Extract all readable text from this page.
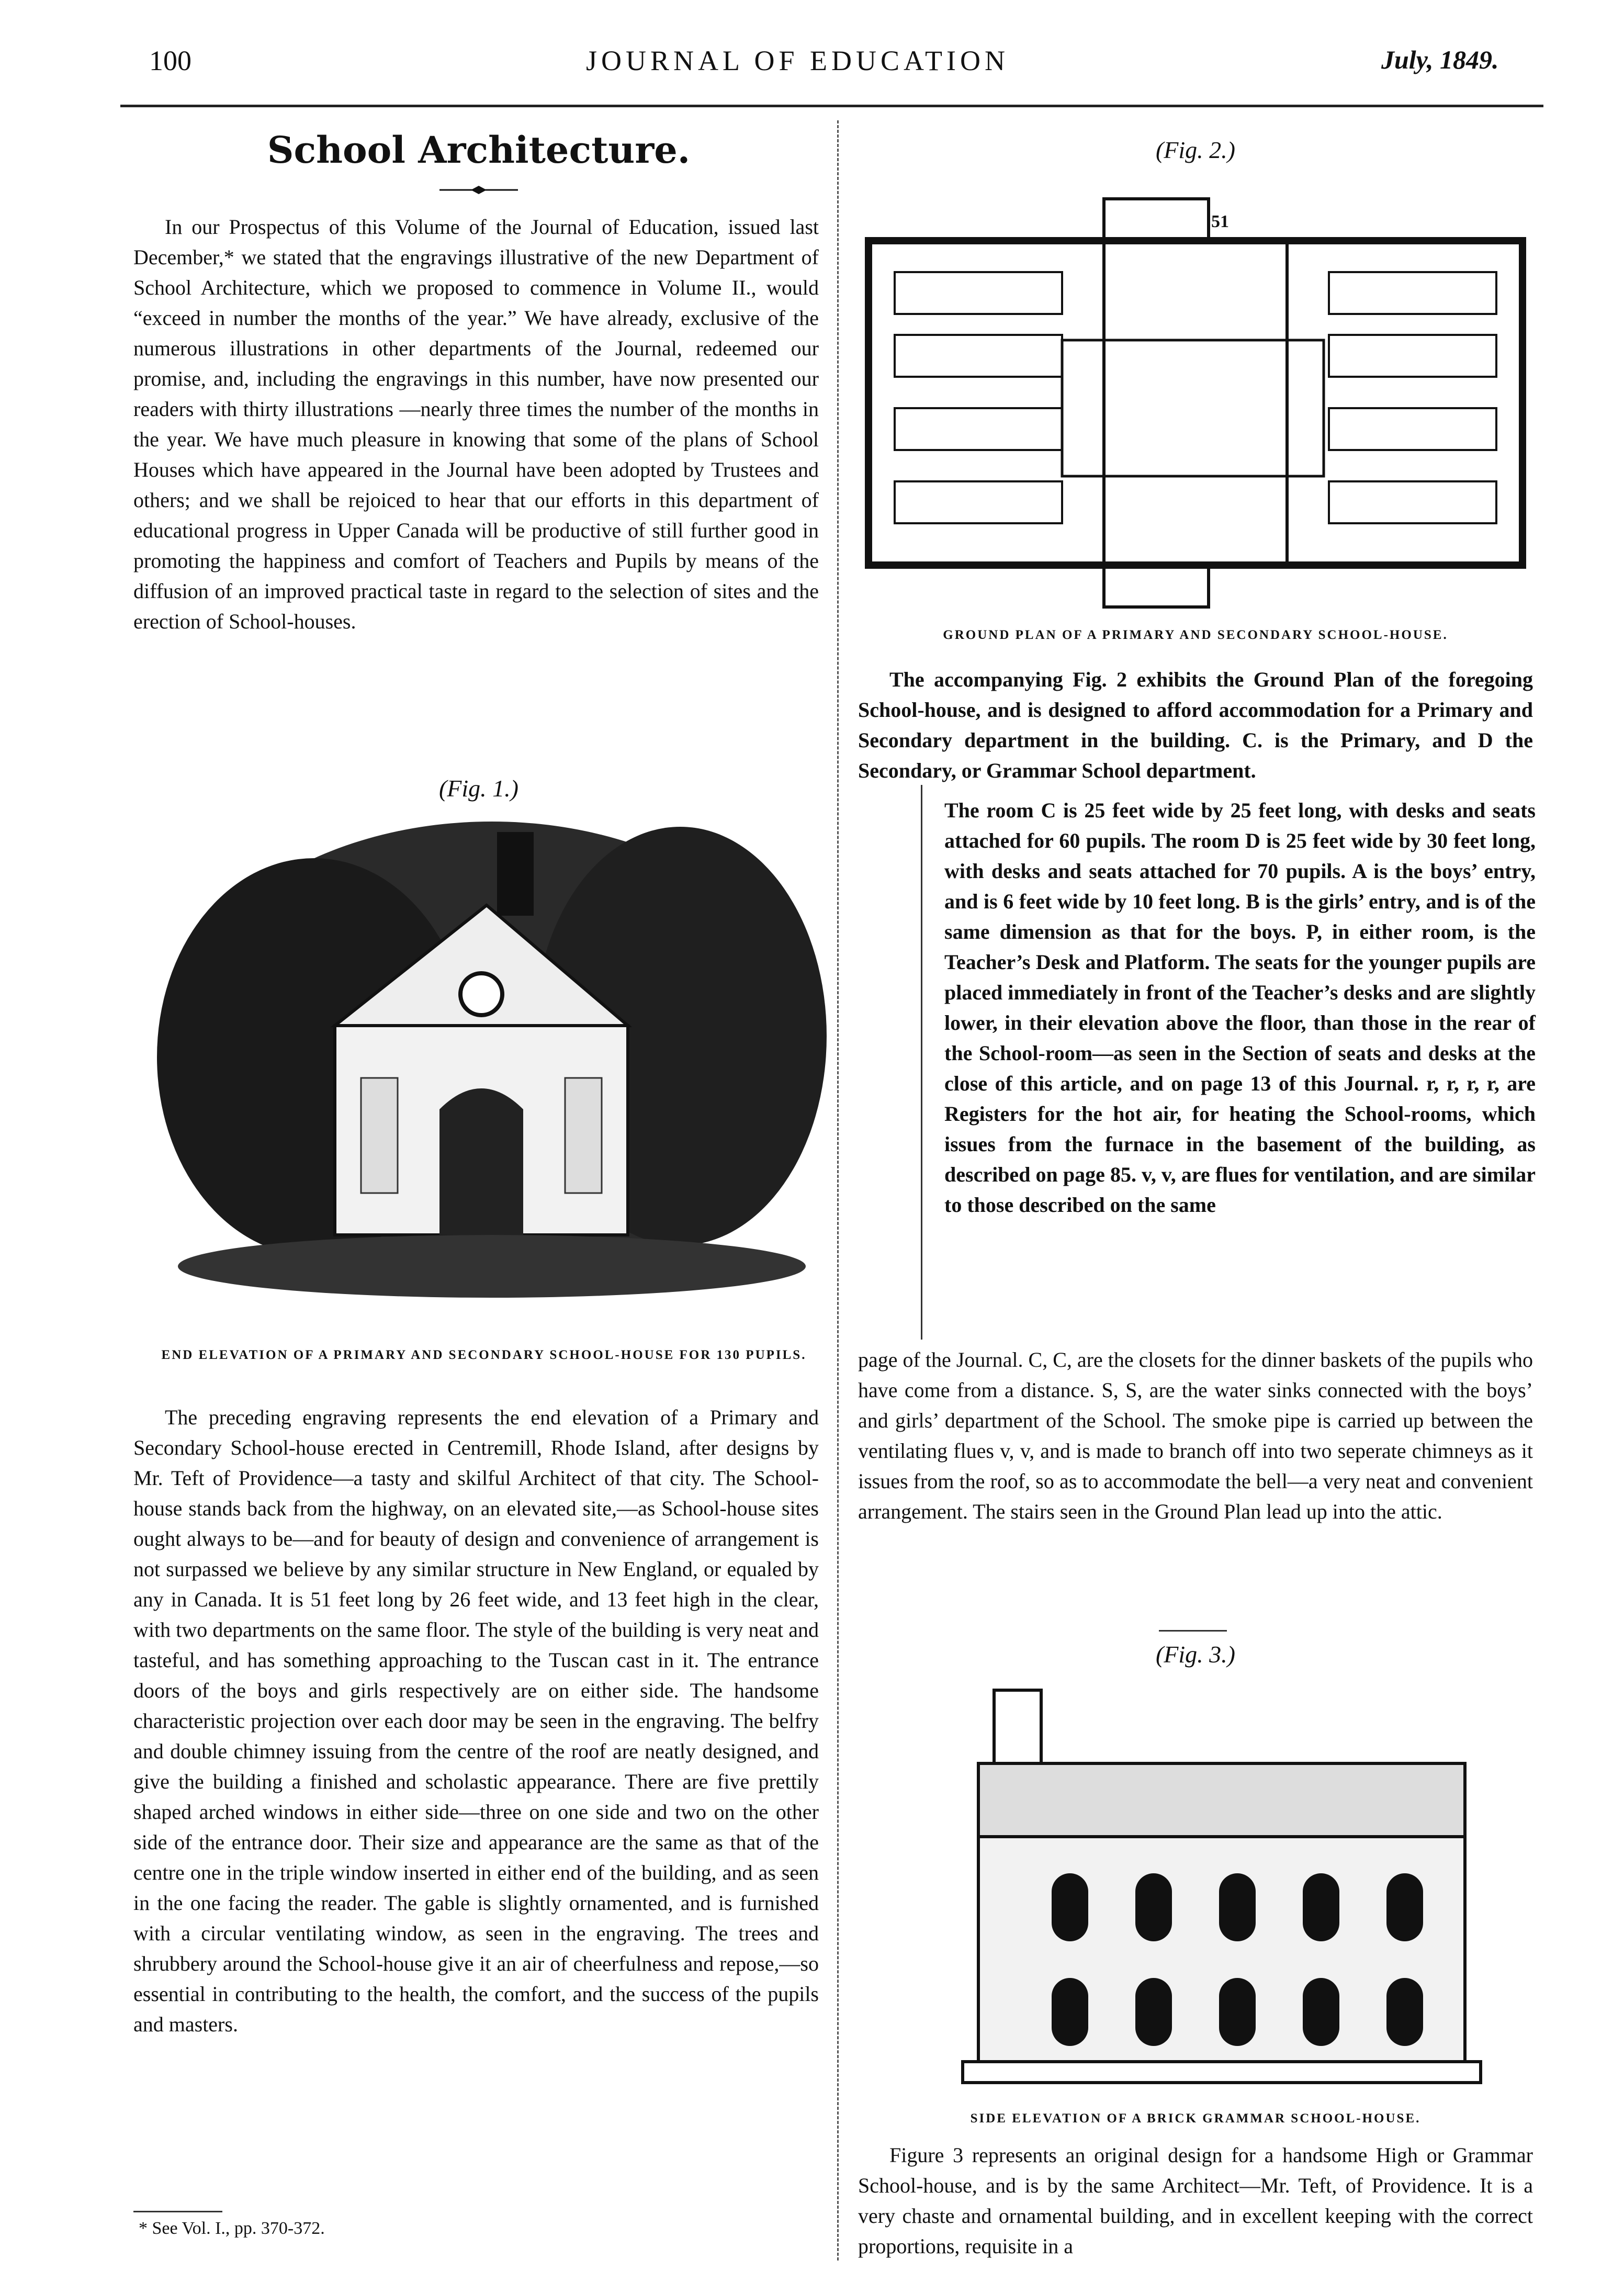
100	JOURNAL OF EDUCATION	July, 1849.
School Architecture.

In our Prospectus of this Volume of the Journal of Education, issued last December,* we stated that the engravings illustrative of the new Department of School Architecture, which we proposed to commence in Volume II., would “exceed in number the months of the year.” We have already, exclusive of the numerous illustrations in other departments of the Journal, redeemed our promise, and, including the engravings in this number, have now presented our readers with thirty illustrations —nearly three times the number of the months in the year. We have much pleasure in knowing that some of the plans of School Houses which have appeared in the Journal have been adopted by Trustees and others; and we shall be rejoiced to hear that our efforts in this department of educational progress in Upper Canada will be productive of still further good in promoting the happiness and comfort of Teachers and Pupils by means of the diffusion of an improved practical taste in regard to the selection of sites and the erection of School-houses.

(Fig. 1.)
END ELEVATION OF A PRIMARY AND SECONDARY SCHOOL-HOUSE FOR 130 PUPILS.

The preceding engraving represents the end elevation of a Primary and Secondary School-house erected in Centremill, Rhode Island, after designs by Mr. Teft of Providence—a tasty and skilful Architect of that city. The School-house stands back from the highway, on an elevated site,—as School-house sites ought always to be—and for beauty of design and convenience of arrangement is not surpassed we believe by any similar structure in New England, or equaled by any in Canada. It is 51 feet long by 26 feet wide, and 13 feet high in the clear, with two departments on the same floor. The style of the building is very neat and tasteful, and has something approaching to the Tuscan cast in it. The entrance doors of the boys and girls respectively are on either side. The handsome characteristic projection over each door may be seen in the engraving. The belfry and double chimney issuing from the centre of the roof are neatly designed, and give the building a finished and scholastic appearance. There are five prettily shaped arched windows in either side—three on one side and two on the other side of the entrance door. Their size and appearance are the same as that of the centre one in the triple window inserted in either end of the building, and as seen in the one facing the reader. The gable is slightly ornamented, and is furnished with a circular ventilating window, as seen in the engraving. The trees and shrubbery around the School-house give it an air of cheerfulness and repose,—so essential in contributing to the health, the comfort, and the success of the pupils and masters.

* See Vol. I., pp. 370-372.
(Fig. 2.)
51
GROUND PLAN OF A PRIMARY AND SECONDARY SCHOOL-HOUSE.

The accompanying Fig. 2 exhibits the Ground Plan of the foregoing School-house, and is designed to afford accommodation for a Primary and Secondary department in the building. C. is the Primary, and D the Secondary, or Grammar School department.

The room C is 25 feet wide by 25 feet long, with desks and seats attached for 60 pupils. The room D is 25 feet wide by 30 feet long, with desks and seats attached for 70 pupils. A is the boys’ entry, and is 6 feet wide by 10 feet long. B is the girls’ entry, and is of the same dimension as that for the boys. P, in either room, is the Teacher’s Desk and Platform. The seats for the younger pupils are placed immediately in front of the Teacher’s desks and are slightly lower, in their elevation above the floor, than those in the rear of the School-room—as seen in the Section of seats and desks at the close of this article, and on page 13 of this Journal. r, r, r, r, are Registers for the hot air, for heating the School-rooms, which issues from the furnace in the basement of the building, as described on page 85. v, v, are flues for ventilation, and are similar to those described on the same

page of the Journal. C, C, are the closets for the dinner baskets of the pupils who have come from a distance. S, S, are the water sinks connected with the boys’ and girls’ department of the School. The smoke pipe is carried up between the ventilating flues v, v, and is made to branch off into two seperate chimneys as it issues from the roof, so as to accommodate the bell—a very neat and convenient arrangement. The stairs seen in the Ground Plan lead up into the attic.

(Fig. 3.)
SIDE ELEVATION OF A BRICK GRAMMAR SCHOOL-HOUSE.

Figure 3 represents an original design for a handsome High or Grammar School-house, and is by the same Architect—Mr. Teft, of Providence. It is a very chaste and ornamental building, and in excellent keeping with the correct proportions, requisite in a
